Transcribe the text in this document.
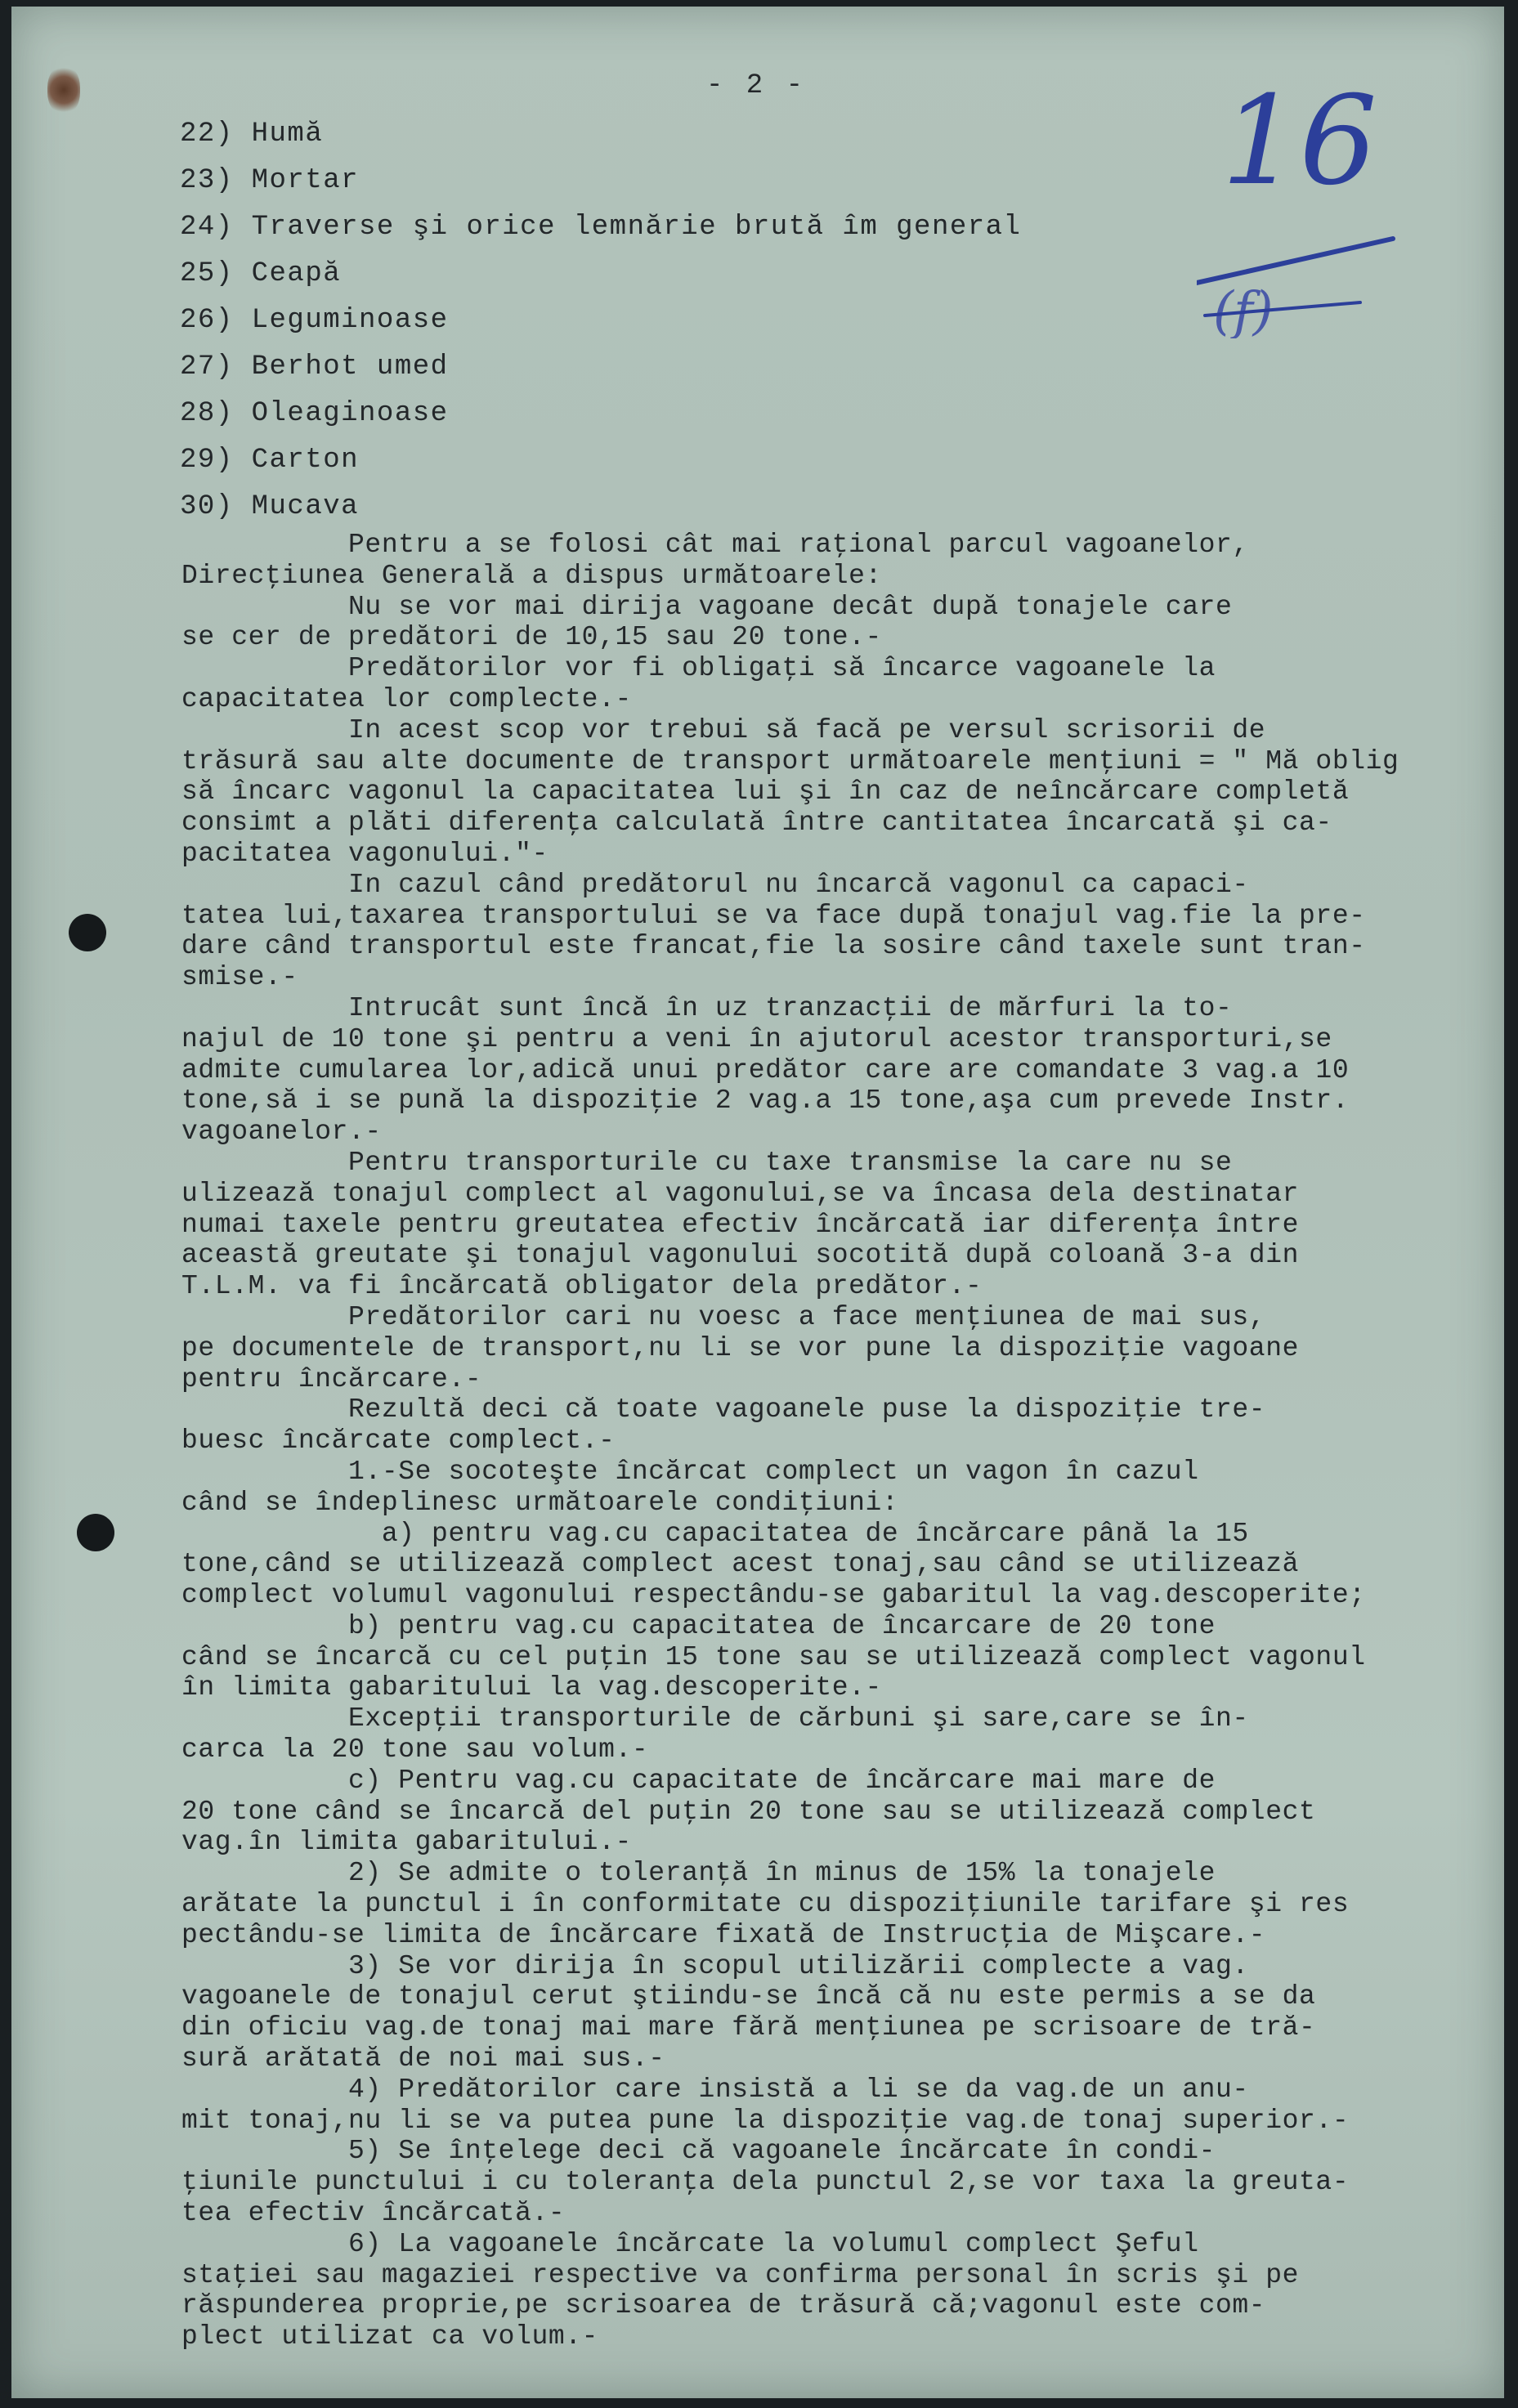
- 2 -	16
(f)
22) Humă
23) Mortar
24) Traverse şi orice lemnărie brută îm general
25) Ceapă
26) Leguminoase
27) Berhot umed
28) Oleaginoase
29) Carton
30) Mucava
Pentru a se folosi cât mai raţional parcul vagoanelor,
Direcţiunea Generală a dispus următoarele:
Nu se vor mai dirija vagoane decât după tonajele care
se cer de predători de 10,15 sau 20 tone.-
Predătorilor vor fi obligaţi să încarce vagoanele la
capacitatea lor complecte.-
In acest scop vor trebui să facă pe versul scrisorii de
trăsură sau alte documente de transport următoarele menţiuni = " Mă oblig
să încarc vagonul la capacitatea lui şi în caz de neîncărcare completă
consimt a plăti diferenţa calculată între cantitatea încarcată şi ca-
pacitatea vagonului."-
In cazul când predătorul nu încarcă vagonul ca capaci-
tatea lui,taxarea transportului se va face după tonajul vag.fie la pre-
dare când transportul este francat,fie la sosire când taxele sunt tran-
smise.-
Intrucât sunt încă în uz tranzacţii de mărfuri la to-
najul de 10 tone şi pentru a veni în ajutorul acestor transporturi,se
admite cumularea lor,adică unui predător care are comandate 3 vag.a 10
tone,să i se pună la dispoziţie 2 vag.a 15 tone,aşa cum prevede Instr.
vagoanelor.-
Pentru transporturile cu taxe transmise la care nu se
ulizează tonajul complect al vagonului,se va încasa dela destinatar
numai taxele pentru greutatea efectiv încărcată iar diferenţa între
această greutate şi tonajul vagonului socotită după coloană 3-a din
T.L.M. va fi încărcată obligator dela predător.-
Predătorilor cari nu voesc a face menţiunea de mai sus,
pe documentele de transport,nu li se vor pune la dispoziţie vagoane
pentru încărcare.-
Rezultă deci că toate vagoanele puse la dispoziţie tre-
buesc încărcate complect.-
1.-Se socoteşte încărcat complect un vagon în cazul
când se îndeplinesc următoarele condiţiuni:
a) pentru vag.cu capacitatea de încărcare până la 15
tone,când se utilizează complect acest tonaj,sau când se utilizează
complect volumul vagonului respectându-se gabaritul la vag.descoperite;
b) pentru vag.cu capacitatea de încarcare de 20 tone
când se încarcă cu cel puţin 15 tone sau se utilizează complect vagonul
în limita gabaritului la vag.descoperite.-
Excepţii transporturile de cărbuni şi sare,care se în-
carca la 20 tone sau volum.-
c) Pentru vag.cu capacitate de încărcare mai mare de
20 tone când se încarcă del puţin 20 tone sau se utilizează complect
vag.în limita gabaritului.-
2) Se admite o toleranţă în minus de 15% la tonajele
arătate la punctul i în conformitate cu dispoziţiunile tarifare şi res
pectându-se limita de încărcare fixată de Instrucţia de Mişcare.-
3) Se vor dirija în scopul utilizării complecte a vag.
vagoanele de tonajul cerut ştiindu-se încă că nu este permis a se da
din oficiu vag.de tonaj mai mare fără menţiunea pe scrisoare de tră-
sură arătată de noi mai sus.-
4) Predătorilor care insistă a li se da vag.de un anu-
mit tonaj,nu li se va putea pune la dispoziţie vag.de tonaj superior.-
5) Se înţelege deci că vagoanele încărcate în condi-
ţiunile punctului i cu toleranţa dela punctul 2,se vor taxa la greuta-
tea efectiv încărcată.-
6) La vagoanele încărcate la volumul complect Şeful
staţiei sau magaziei respective va confirma personal în scris şi pe
răspunderea proprie,pe scrisoarea de trăsură că;vagonul este com-
plect utilizat ca volum.-
